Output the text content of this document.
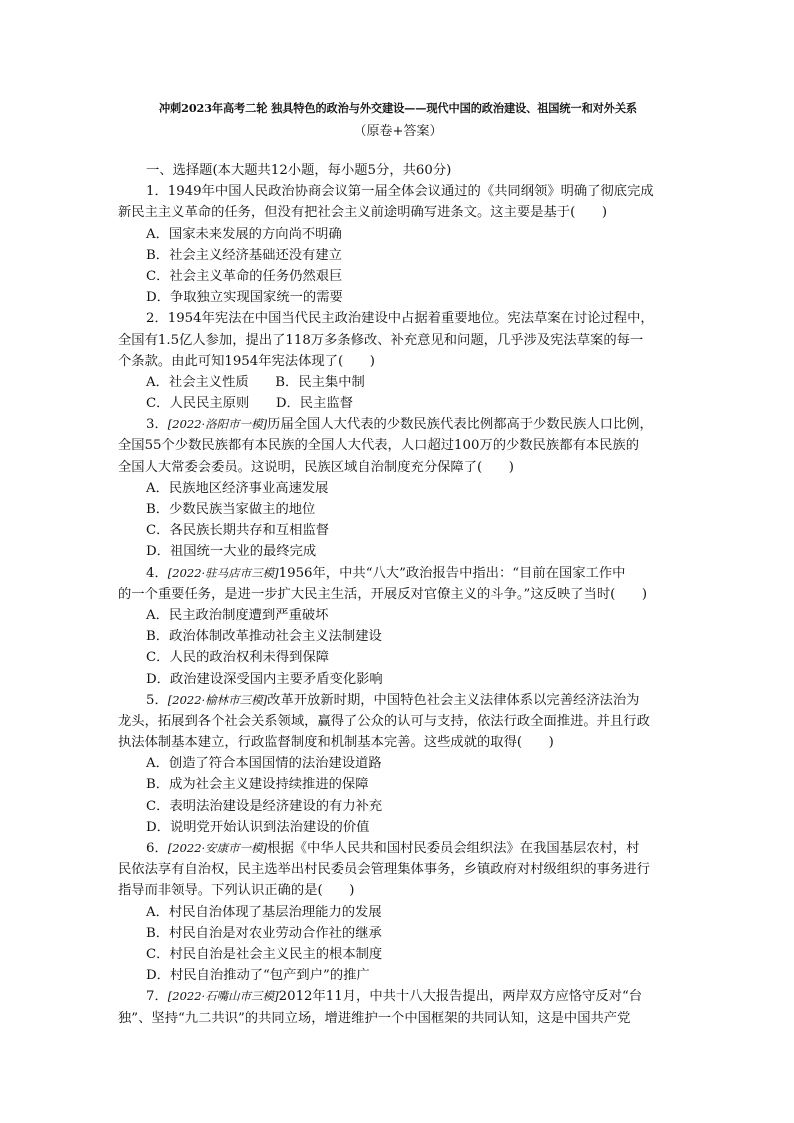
冲刺2023年高考二轮 独具特色的政治与外交建设——现代中国的政治建设、祖国统一和对外关系
（原卷+答案）
一、选择题(本大题共12小题，每小题5分，共60分)
1．1949年中国人民政治协商会议第一届全体会议通过的《共同纲领》明确了彻底完成
新民主主义革命的任务，但没有把社会主义前途明确写进条文。这主要是基于(　　)
A．国家未来发展的方向尚不明确
B．社会主义经济基础还没有建立
C．社会主义革命的任务仍然艰巨
D．争取独立实现国家统一的需要
2．1954年宪法在中国当代民主政治建设中占据着重要地位。宪法草案在讨论过程中，
全国有1.5亿人参加，提出了118万多条修改、补充意见和问题，几乎涉及宪法草案的每一
个条款。由此可知1954年宪法体现了(　　)
A．社会主义性质　　B．民主集中制
C．人民民主原则　　D．民主监督
3．[2022·洛阳市一模]历届全国人大代表的少数民族代表比例都高于少数民族人口比例，
全国55个少数民族都有本民族的全国人大代表，人口超过100万的少数民族都有本民族的
全国人大常委会委员。这说明，民族区域自治制度充分保障了(　　)
A．民族地区经济事业高速发展
B．少数民族当家做主的地位
C．各民族长期共存和互相监督
D．祖国统一大业的最终完成
4．[2022·驻马店市三模]1956年，中共“八大”政治报告中指出：“目前在国家工作中
的一个重要任务，是进一步扩大民主生活，开展反对官僚主义的斗争。”这反映了当时(　　)
A．民主政治制度遭到严重破坏
B．政治体制改革推动社会主义法制建设
C．人民的政治权利未得到保障
D．政治建设深受国内主要矛盾变化影响
5．[2022·榆林市三模]改革开放新时期，中国特色社会主义法律体系以完善经济法治为
龙头，拓展到各个社会关系领域，赢得了公众的认可与支持，依法行政全面推进。并且行政
执法体制基本建立，行政监督制度和机制基本完善。这些成就的取得(　　)
A．创造了符合本国国情的法治建设道路
B．成为社会主义建设持续推进的保障
C．表明法治建设是经济建设的有力补充
D．说明党开始认识到法治建设的价值
6．[2022·安康市一模]根据《中华人民共和国村民委员会组织法》在我国基层农村，村
民依法享有自治权，民主选举出村民委员会管理集体事务，乡镇政府对村级组织的事务进行
指导而非领导。下列认识正确的是(　　)
A．村民自治体现了基层治理能力的发展
B．村民自治是对农业劳动合作社的继承
C．村民自治是社会主义民主的根本制度
D．村民自治推动了“包产到户”的推广
7．[2022·石嘴山市三模]2012年11月，中共十八大报告提出，两岸双方应恪守反对“台
独”、坚持“九二共识”的共同立场，增进维护一个中国框架的共同认知，这是中国共产党
